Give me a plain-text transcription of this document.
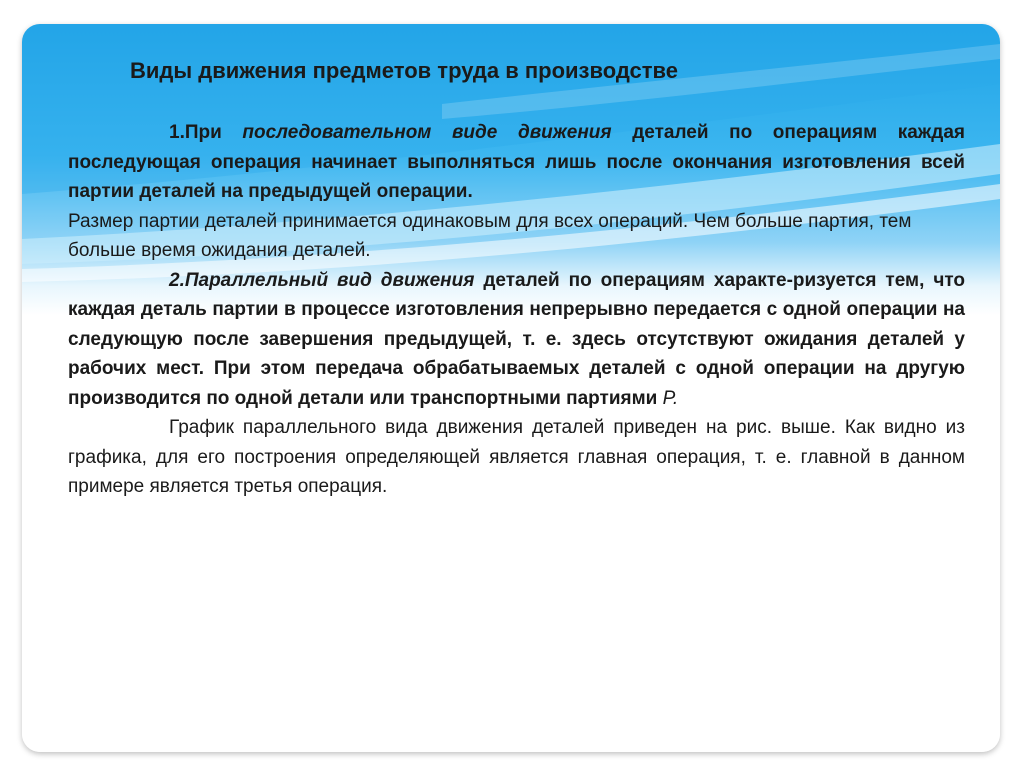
Виды движения предметов труда в производстве

1.При последовательном виде движения деталей по операциям каждая последующая операция начинает выполняться лишь после окончания изготовления всей партии деталей на предыдущей операции.

Размер партии деталей принимается одинаковым для всех операций. Чем больше партия, тем больше время ожидания деталей.

2.Параллельный вид движения деталей по операциям характе-ризуется тем, что каждая деталь партии в процессе изготовления непрерывно передается с одной операции на следующую после завершения предыдущей, т. е. здесь отсутствуют ожидания деталей у рабочих мест. При этом передача обрабатываемых деталей с одной операции на другую производится по одной детали или транспортными партиями P.

График параллельного вида движения деталей приведен на рис. выше. Как видно из графика, для его построения определяющей является главная операция, т. е. главной в данном примере является третья операция.
